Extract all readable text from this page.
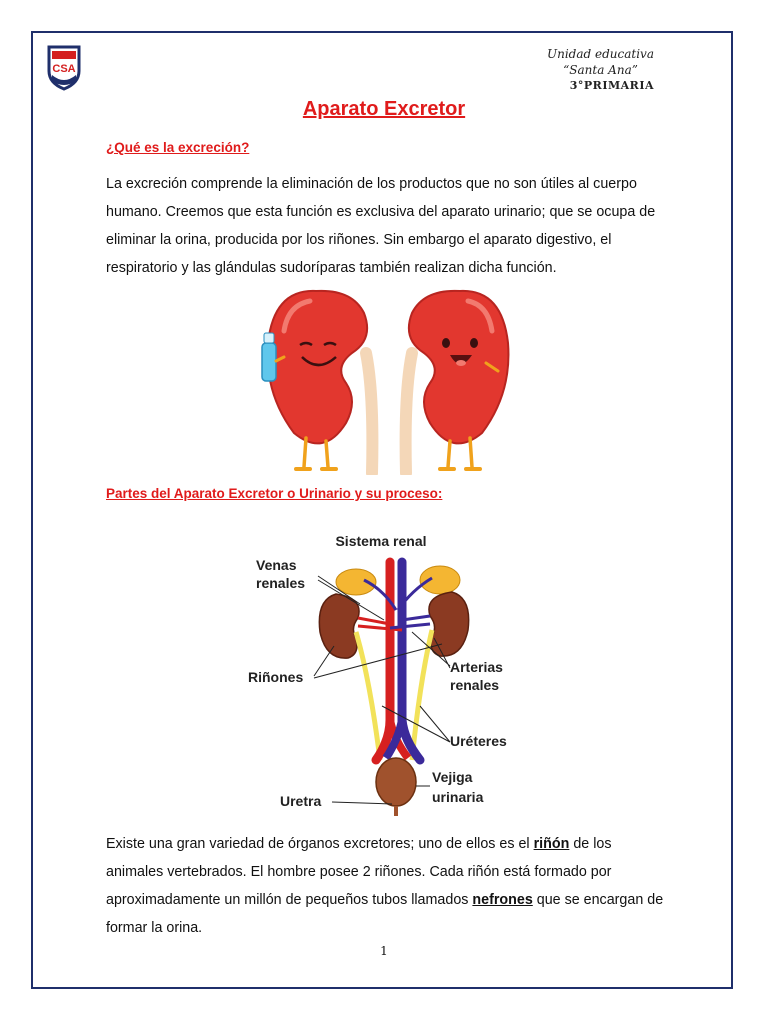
CSA
Unidad educativa
“Santa Ana”
3°PRIMARIA
Aparato Excretor
¿Qué es la excreción?
La excreción comprende la eliminación de los productos que no son útiles al cuerpo humano. Creemos que esta función es exclusiva del aparato urinario; que se ocupa de eliminar la orina, producida por los riñones. Sin embargo el aparato digestivo, el respiratorio y las glándulas sudoríparas también realizan dicha función.
Partes del Aparato Excretor o Urinario y su proceso:
Sistema renal
Venas
renales
Riñones
Arterias
renales
Uréteres
Vejiga
urinaria
Uretra
Existe una gran variedad de órganos excretores; uno de ellos es el riñón de los animales vertebrados. El hombre posee 2 riñones. Cada riñón está formado por aproximadamente un millón de pequeños tubos llamados nefrones que se encargan de formar la orina.
1
